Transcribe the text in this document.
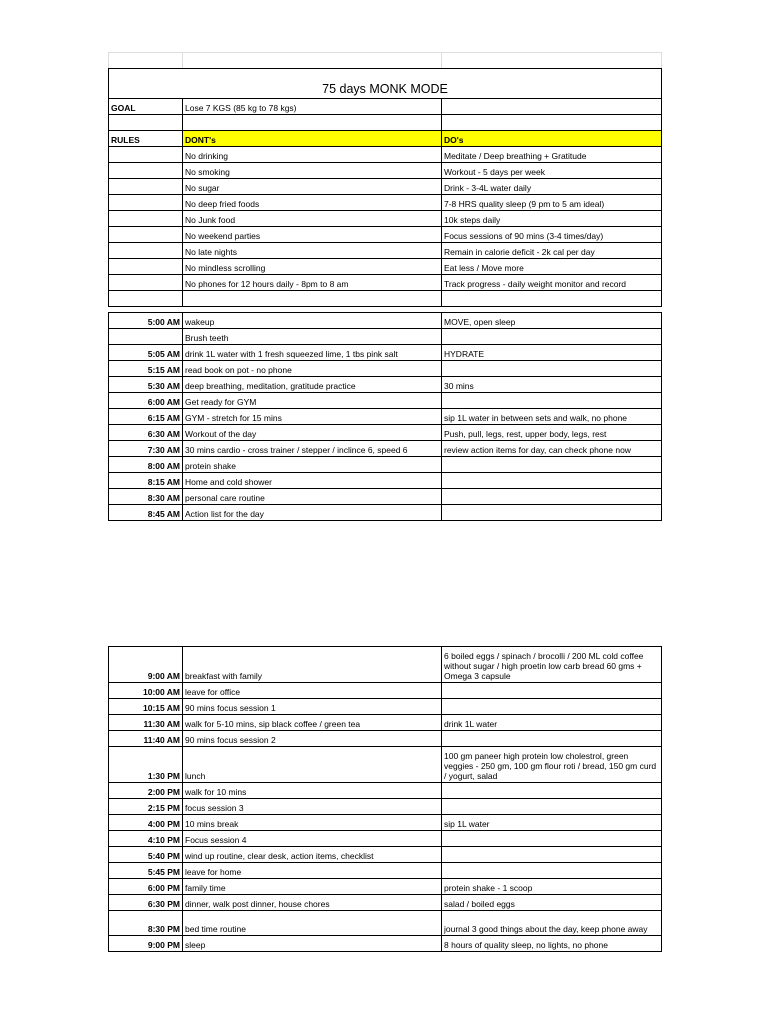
75 days MONK MODE		
GOAL	Lose 7 KGS (85 kg to 78 kgs)	

RULES	DONT's	DO's
	No drinking	Meditate / Deep breathing + Gratitude
	No smoking	Workout - 5 days per week
	No sugar	Drink - 3-4L water daily
	No deep fried foods	7-8 HRS quality sleep (9 pm to 5 am ideal)
	No Junk food	10k steps daily
	No weekend parties	Focus sessions of 90 mins (3-4 times/day)
	No late nights	Remain in calorie deficit - 2k cal per day
	No mindless scrolling	Eat less / Move more
	No phones for 12 hours daily - 8pm to 8 am	Track progress - daily weight monitor and record

5:00 AM	wakeup	MOVE, open sleep
	Brush teeth	
5:05 AM	drink 1L water with 1 fresh squeezed lime, 1 tbs pink salt	HYDRATE
5:15 AM	read book on pot - no phone	
5:30 AM	deep breathing, meditation, gratitude practice	30 mins
6:00 AM	Get ready for GYM	
6:15 AM	GYM - stretch for 15 mins	sip 1L water in between sets and walk, no phone
6:30 AM	Workout of the day	Push, pull, legs, rest, upper body, legs, rest
7:30 AM	30 mins cardio - cross trainer / stepper / inclince 6, speed 6	review action items for day, can check phone now
8:00 AM	protein shake	
8:15 AM	Home and cold shower	
8:30 AM	personal care routine	
8:45 AM	Action list for the day	
9:00 AM	breakfast with family	6 boiled eggs / spinach / brocolli / 200 ML cold coffee without sugar / high proetin low carb bread 60 gms + Omega 3 capsule
10:00 AM	leave for office	
10:15 AM	90 mins focus session 1	
11:30 AM	walk for 5-10 mins, sip black coffee / green tea	drink 1L water
11:40 AM	90 mins focus session 2	
1:30 PM	lunch	100 gm paneer high protein low cholestrol, green veggies - 250 gm, 100 gm flour roti / bread, 150 gm curd / yogurt, salad
2:00 PM	walk for 10 mins	
2:15 PM	focus session 3	
4:00 PM	10 mins break	sip 1L water
4:10 PM	Focus session 4	
5:40 PM	wind up routine, clear desk, action items, checklist	
5:45 PM	leave for home	
6:00 PM	family time	protein shake - 1 scoop
6:30 PM	dinner, walk post dinner, house chores	salad / boiled eggs
8:30 PM	bed time routine	journal 3 good things about the day, keep phone away
9:00 PM	sleep	8 hours of quality sleep, no lights, no phone
